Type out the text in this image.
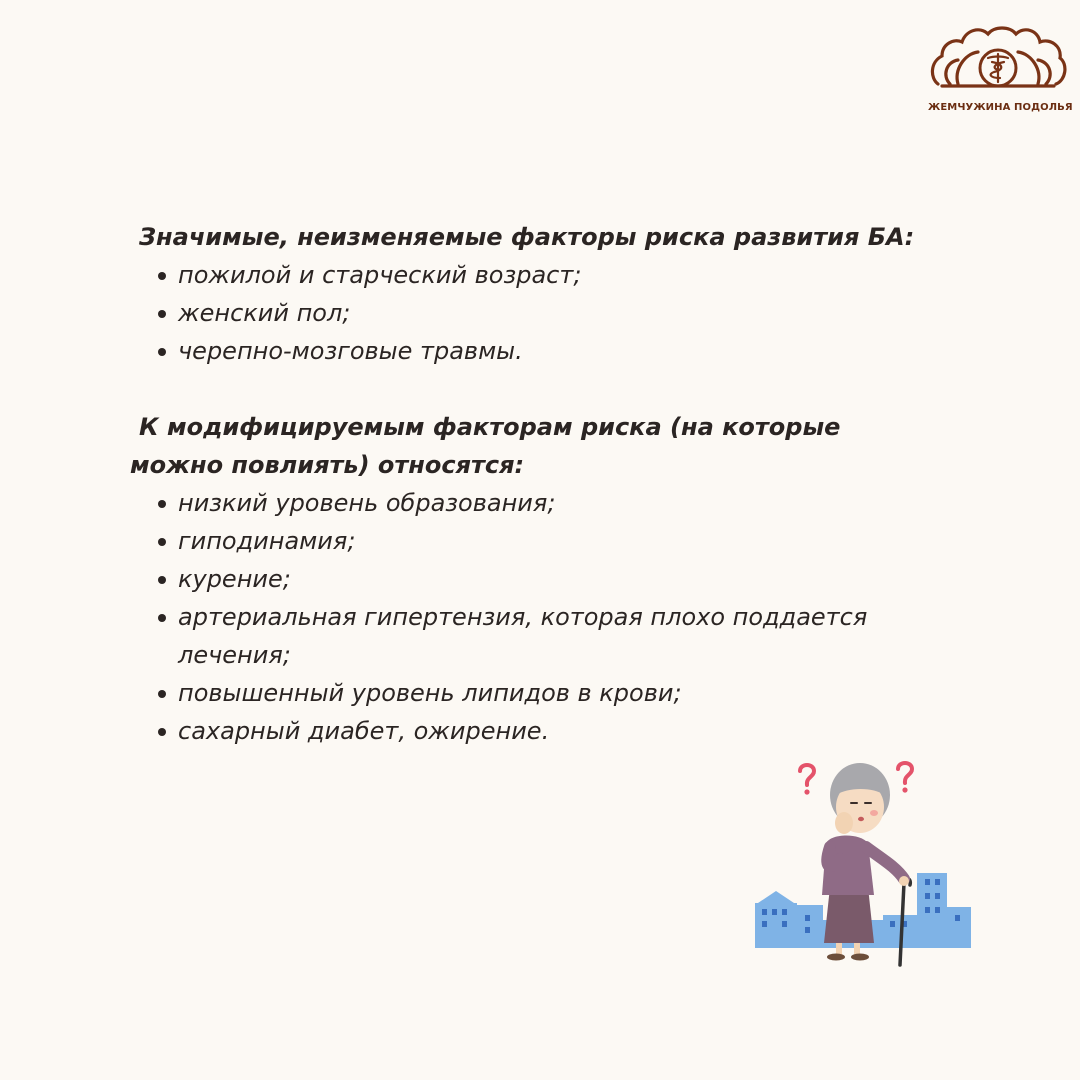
ЖЕМЧУЖИНА ПОДОЛЬЯ

Значимые, неизменяемые факторы риска развития БА:

пожилой и старческий возраст;
женский пол;
черепно-мозговые травмы.

К модифицируемым факторам риска (на которые можно повлиять) относятся:

низкий уровень образования;
гиподинамия;
курение;
артериальная гипертензия, которая плохо поддается лечения;
повышенный уровень липидов в крови;
сахарный диабет, ожирение.
